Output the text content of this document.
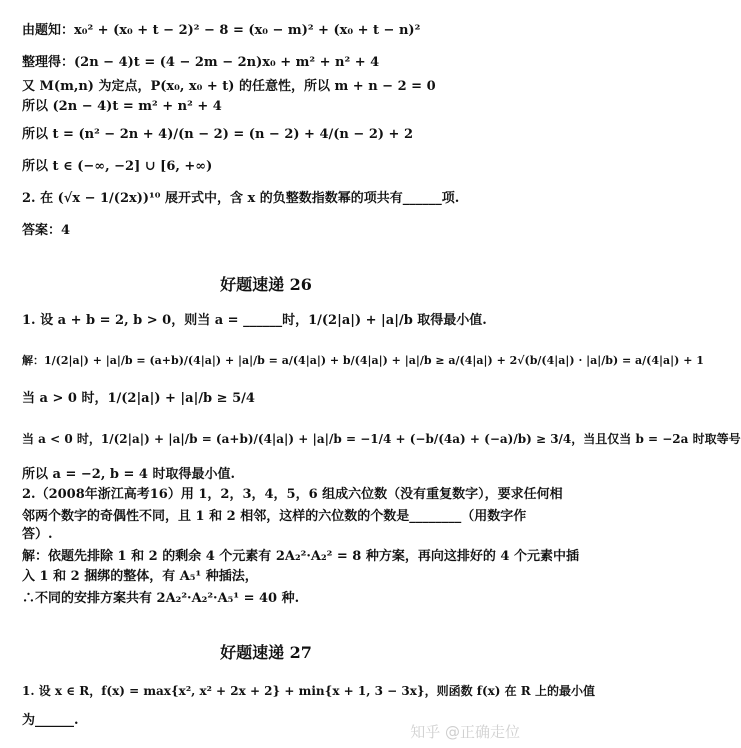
由题知：x₀² + (x₀ + t − 2)² − 8 = (x₀ − m)² + (x₀ + t − n)²
整理得：(2n − 4)t = (4 − 2m − 2n)x₀ + m² + n² + 4
又 M(m,n) 为定点，P(x₀, x₀ + t) 的任意性，所以 m + n − 2 = 0
所以 (2n − 4)t = m² + n² + 4
所以 t = (n² − 2n + 4)/(n − 2) = (n − 2) + 4/(n − 2) + 2
所以 t ∈ (−∞, −2] ∪ [6, +∞)
2. 在 (√x − 1/(2x))¹⁰ 展开式中，含 x 的负整数指数幂的项共有______项.
答案：4
好题速递 26
1. 设 a + b = 2, b > 0，则当 a = ______时，1/(2|a|) + |a|/b 取得最小值.
解：1/(2|a|) + |a|/b = (a+b)/(4|a|) + |a|/b = a/(4|a|) + b/(4|a|) + |a|/b ≥ a/(4|a|) + 2√(b/(4|a|) · |a|/b) = a/(4|a|) + 1
当 a > 0 时，1/(2|a|) + |a|/b ≥ 5/4
当 a < 0 时，1/(2|a|) + |a|/b = (a+b)/(4|a|) + |a|/b = −1/4 + (−b/(4a) + (−a)/b) ≥ 3/4，当且仅当 b = −2a 时取等号
所以 a = −2, b = 4 时取得最小值.
2.（2008年浙江高考16）用 1，2，3，4，5，6 组成六位数（没有重复数字），要求任何相
邻两个数字的奇偶性不同，且 1 和 2 相邻，这样的六位数的个数是________（用数字作
答）.
解：依题先排除 1 和 2 的剩余 4 个元素有 2A₂²·A₂² = 8 种方案，再向这排好的 4 个元素中插
入 1 和 2 捆绑的整体，有 A₅¹ 种插法，
∴不同的安排方案共有 2A₂²·A₂²·A₅¹ = 40 种.
好题速递 27
1. 设 x ∈ R，f(x) = max{x², x² + 2x + 2} + min{x + 1, 3 − 3x}，则函数 f(x) 在 R 上的最小值
为______.
知乎 @正确走位
